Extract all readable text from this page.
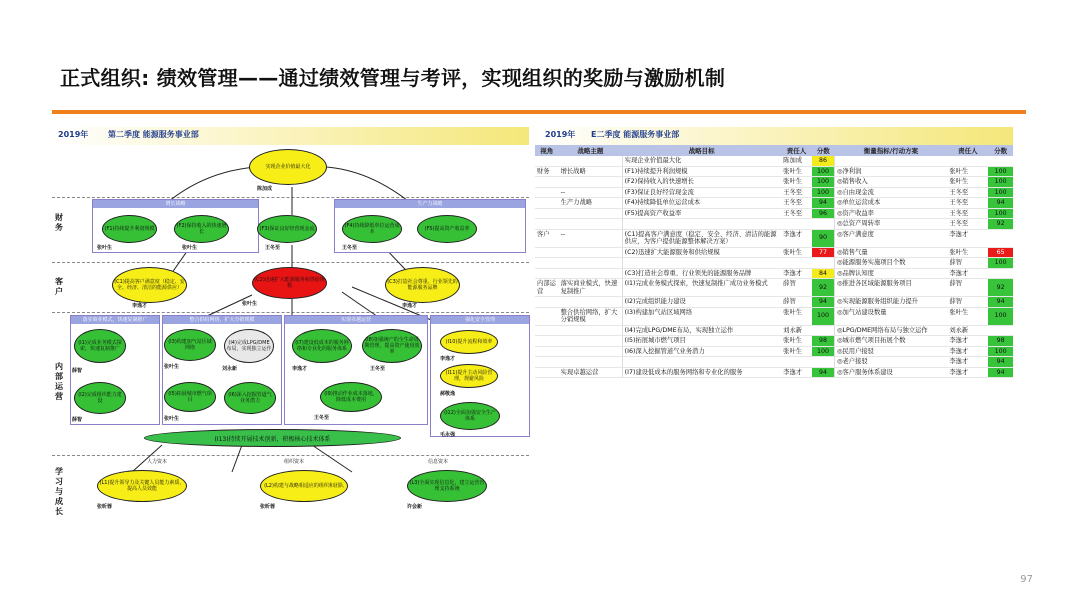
正式组织: 绩效管理——通过绩效管理与考评，实现组织的奖励与激励机制
2019年 第二季度 能源服务事业部
财务
客户
内部运营
学习与成长
实现企业价值最大化
陈加成
增长战略	生产力战略
(F1)持续提升利润规模	(F2)保持收入的快速增长	(F3)保证良好经营现金流	(F4)持续降低单位运营成本	(F5)提高资产收益率
张叶生	张叶生	王冬至	王冬至
(C1)提高客户满意度（稳定、安全、经济、清洁的能源供应）
(C2)迅速扩大能源服务和供给规模
(C3)打造社会尊重、行业领先的能源服务品牌
李逸才	张叶生	李逸才
落实商业模式，快速复制推广	整合供给网络，扩大分销规模	实现卓越运营	强化安全管理
(I1)完成业务模式探索，快速复制推广
(I2)完成组织能力建设
(I3)构建加气站区域网络
(I4)完成LPG/DME布局，实现独立运作
(I5)拓展城市燃气项目
(I6)深入挖掘管道气业务潜力
(I7)建设低成本的服务网络和专业化的服务体系
(I8)加强统产的全生命周期管理，提高资产使用效率
(I9)推动作业成本落地，降低成本费用
(I10)提升流程和效率
(I11)提升主动风险管理，规避风险
(I12)全面加强安全生产体系
(I13)持续开展技术创新，积极核心技术体系
薛智
薛智
张叶生	刘永新
张叶生
李逸才	王冬至
王冬至
李逸才
郝敬逸
毛永强
人力资本	组织资本	信息资本
(L1)提升领导力及关键人员能力素质，提高人员效能	(L2)构建与战略相适应的组织和团队	(L3)全面实现信息化，建立运营管理支持系统
张昕蓉	张昕蓉	许会新
2019年 E二季度 能源服务事业部
视角	战略主题	战略目标	责任人	分数	衡量指标/行动方案	责任人	分数
		实现企业价值最大化	陈加成	86			
财务	增长战略	(F1)持续提升利润规模	张叶生	100	◎净利润	张叶生	100
		(F2)保持收入的快速增长	张叶生	100	◎销售收入	张叶生	100
	--	(F3)保证良好经营现金流	王冬至	100	◎自由现金流	王冬至	100
	生产力战略	(F4)持续降低单位运营成本	王冬至	94	◎单位运营成本	王冬至	94
		(F5)提高资产收益率	王冬至	96	◎资产收益率	王冬至	100
					◎总资产周转率	王冬至	92
客户	--	(C1)提高客户满意度（稳定、安全、经济、清洁的能源供应，为客户提供能源整体解决方案）	李逸才	90	◎客户满意度	李逸才	
		(C2)迅速扩大能源服务和供给规模	张叶生	77	◎销售气量	张叶生	65
					◎能源服务实施项目个数	薛智	100
		(C3)打造社会尊重、行业领先的能源服务品牌	李逸才	84	◎品牌认知度	李逸才	
内部运营	落实商业模式，快速复制推广	(I1)完成业务模式探索，快速复制推广成功业务模式	薛智	92	◎推进各区域能源服务项目	薛智	92
		(I2)完成组织能力建设	薛智	94	◎实现能源服务组织能力提升	薛智	94
	整合供给网络，扩大分销规模	(I3)构建加气站区域网络	张叶生	100	◎加气站建设数量	张叶生	100
		(I4)完成LPG/DME布局，实现独立运作	刘永新		◎LPG/DME网络布局与独立运作	刘永新	
		(I5)拓展城市燃气项目	张叶生	98	◎城市燃气项目拓展个数	李逸才	98
		(I6)深入挖掘管道气业务潜力	张叶生	100	◎民用户接驳	李逸才	100
					◎老户接驳	李逸才	94
	实现卓越运营	(I7)建设低成本的服务网络和专业化的服务	李逸才	94	◎客户服务体系建设	李逸才	94
97
